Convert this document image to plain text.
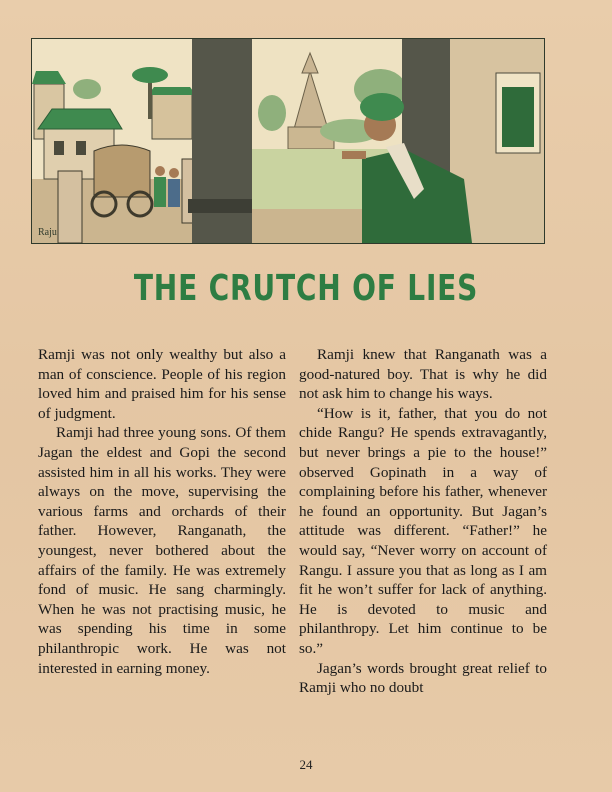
Raju
THE CRUTCH OF LIES

Ramji was not only wealthy but also a man of conscience. People of his region loved him and praised him for his sense of judgment.

Ramji had three young sons. Of them Jagan the eldest and Gopi the second assisted him in all his works. They were always on the move, supervising the various farms and orchards of their father. However, Ranganath, the youngest, never bothered about the affairs of the family. He was extremely fond of music. He sang charmingly. When he was not practising music, he was spending his time in some philanthropic work. He was not interested in earning money.

Ramji knew that Ranganath was a good-natured boy. That is why he did not ask him to change his ways.

“How is it, father, that you do not chide Rangu? He spends extravagantly, but never brings a pie to the house!” observed Gopinath in a way of complaining before his father, whenever he found an opportunity. But Jagan’s attitude was different. “Father!” he would say, “Never worry on account of Rangu. I assure you that as long as I am fit he won’t suffer for lack of anything. He is devoted to music and philanthropy. Let him continue to be so.”

Jagan’s words brought great relief to Ramji who no doubt

24
